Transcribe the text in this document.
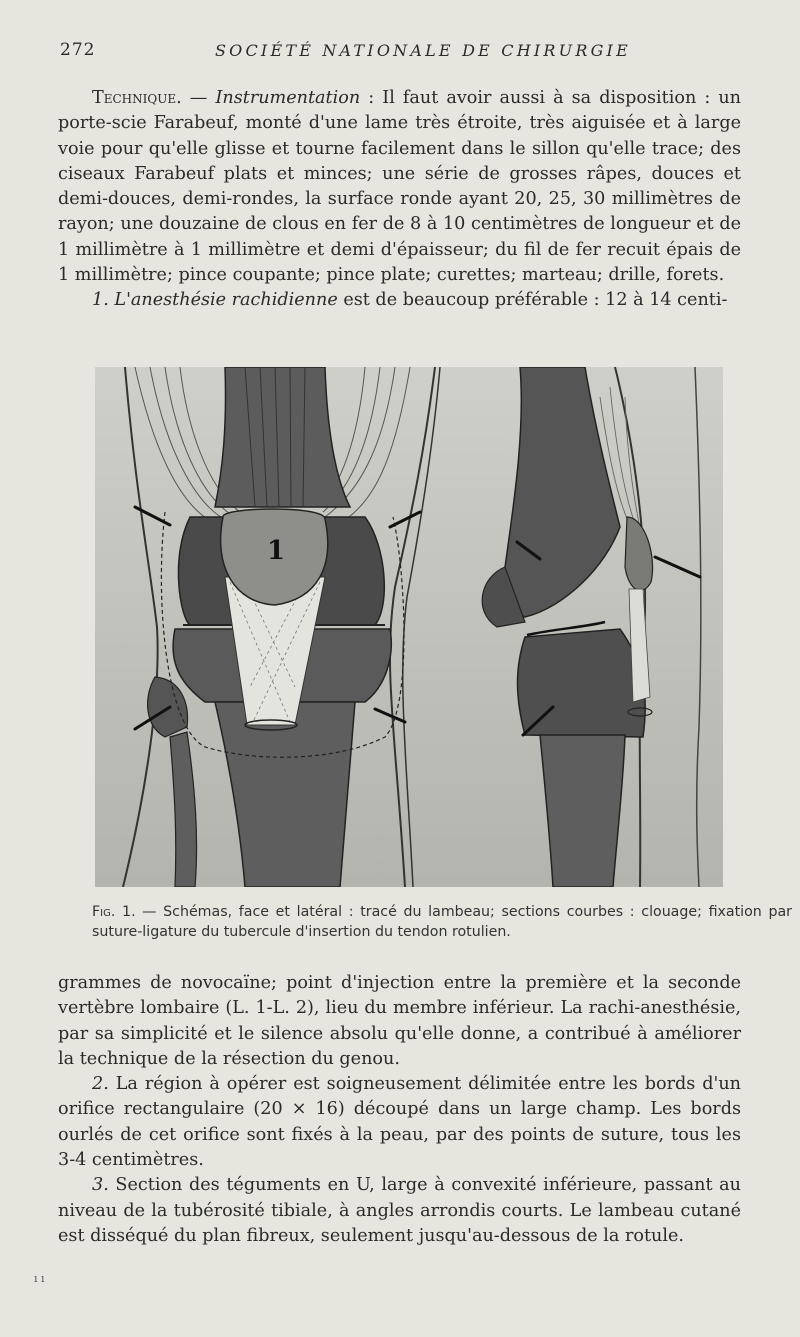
272	SOCIÉTÉ NATIONALE DE CHIRURGIE

Technique. — Instrumentation : Il faut avoir aussi à sa disposition : un porte-scie Farabeuf, monté d'une lame très étroite, très aiguisée et à large voie pour qu'elle glisse et tourne facilement dans le sillon qu'elle trace; des ciseaux Farabeuf plats et minces; une série de grosses râpes, douces et demi-douces, demi-rondes, la surface ronde ayant 20, 25, 30 millimètres de rayon; une douzaine de clous en fer de 8 à 10 centimètres de longueur et de 1 millimètre à 1 millimètre et demi d'épaisseur; du fil de fer recuit épais de 1 millimètre; pince coupante; pince plate; curettes; marteau; drille, forets.

1. L'anesthésie rachidienne est de beaucoup préférable : 12 à 14 centi-

1

Fig. 1. — Schémas, face et latéral : tracé du lambeau; sections courbes : clouage; fixation par suture-ligature du tubercule d'insertion du tendon rotulien.

grammes de novocaïne; point d'injection entre la première et la seconde vertèbre lombaire (L. 1-L. 2), lieu du membre inférieur. La rachi-anesthésie, par sa simplicité et le silence absolu qu'elle donne, a contribué à améliorer la technique de la résection du genou.

2. La région à opérer est soigneusement délimitée entre les bords d'un orifice rectangulaire (20 × 16) découpé dans un large champ. Les bords ourlés de cet orifice sont fixés à la peau, par des points de suture, tous les 3-4 centimètres.

3. Section des téguments en U, large à convexité inférieure, passant au niveau de la tubérosité tibiale, à angles arrondis courts. Le lambeau cutané est disséqué du plan fibreux, seulement jusqu'au-dessous de la rotule.

ı ı
